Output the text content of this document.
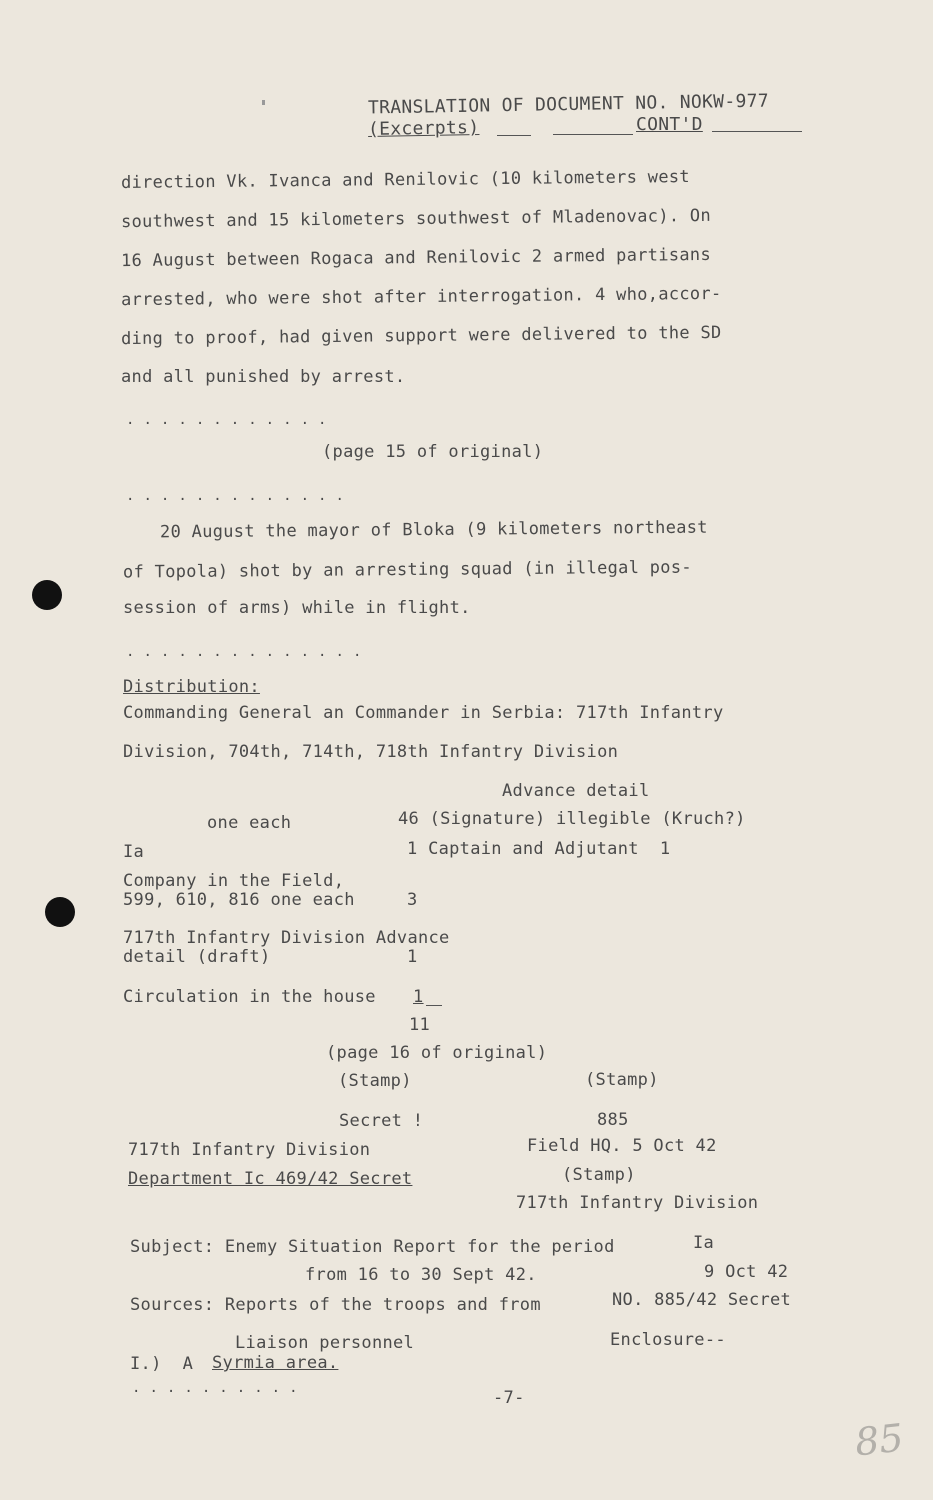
TRANSLATION OF DOCUMENT NO. NOKW-977
(Excerpts)	CONT'D
direction Vk. Ivanca and Renilovic (10 kilometers west
southwest and 15 kilometers southwest of Mladenovac). On
16 August between Rogaca and Renilovic 2 armed partisans
arrested, who were shot after interrogation. 4 who,accor-
ding to proof, had given support were delivered to the SD
and all punished by arrest.
. . . . . . . . . . . .
(page 15 of original)
. . . . . . . . . . . . .
20 August the mayor of Bloka (9 kilometers northeast
of Topola) shot by an arresting squad (in illegal pos-
session of arms) while in flight.
. . . . . . . . . . . . . .
Distribution:
Commanding General an Commander in Serbia: 717th Infantry
Division, 704th, 714th, 718th Infantry Division
Advance detail
one each	46 (Signature) illegible (Kruch?)
Ia	1 Captain and Adjutant  1
Company in the Field,
599, 610, 816 one each	3
717th Infantry Division Advance
detail (draft)	1
Circulation in the house 1
11
(page 16 of original)
(Stamp)	(Stamp)
Secret !	885
717th Infantry Division	Field HQ. 5 Oct 42
Department Ic 469/42 Secret	(Stamp)
717th Infantry Division
Subject: Enemy Situation Report for the period	Ia
from 16 to 30 Sept 42.	9 Oct 42
Sources: Reports of the troops and from	NO. 885/42 Secret
Liaison personnel	Enclosure--
I.)  A Syrmia area.
. . . . . . . . . .	-7-
85
